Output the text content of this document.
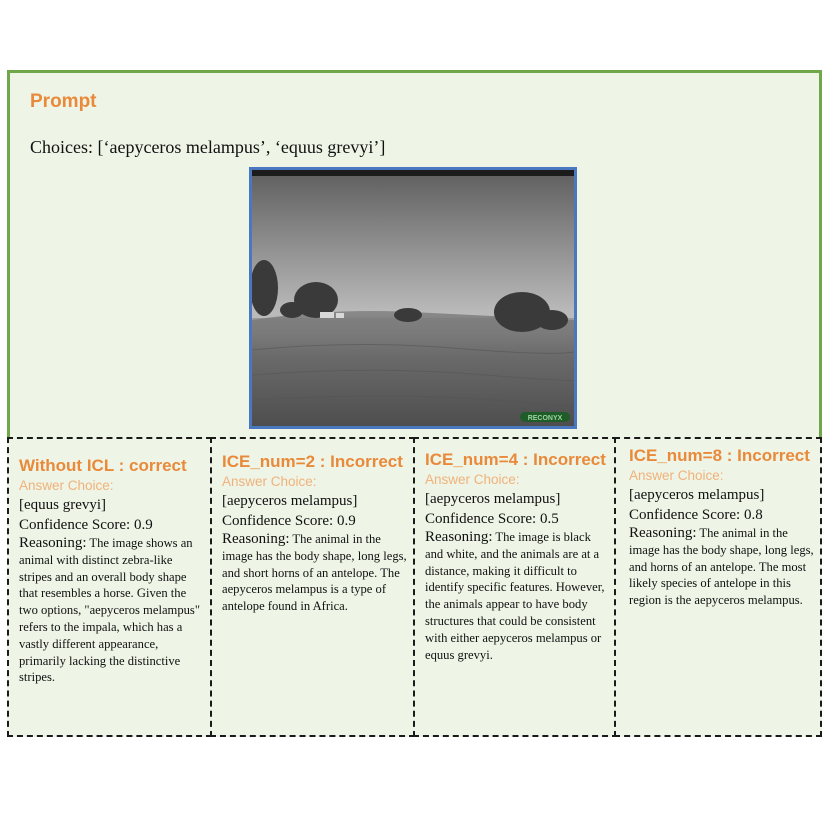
Prompt
Choices: [‘aepyceros melampus’, ‘equus grevyi’]
RECONYX
Without ICL : correct
Answer Choice:
[equus grevyi]
Confidence Score: 0.9
Reasoning: The image shows an animal with distinct zebra-like stripes and an overall body shape that resembles a horse. Given the two options, "aepyceros melampus" refers to the impala, which has a vastly different appearance, primarily lacking the distinctive stripes.
ICE_num=2 : Incorrect
Answer Choice:
[aepyceros melampus]
Confidence Score: 0.9
Reasoning: The animal in the image has the body shape, long legs, and short horns of an antelope. The aepyceros melampus is a type of antelope found in Africa.
ICE_num=4 : Incorrect
Answer Choice:
[aepyceros melampus]
Confidence Score: 0.5
Reasoning: The image is black and white, and the animals are at a distance, making it difficult to identify specific features. However, the animals appear to have body structures that could be consistent with either aepyceros melampus or equus grevyi.
ICE_num=8 : Incorrect
Answer Choice:
[aepyceros melampus]
Confidence Score: 0.8
Reasoning: The animal in the image has the body shape, long legs, and horns of an antelope. The most likely species of antelope in this region is the aepyceros melampus.
